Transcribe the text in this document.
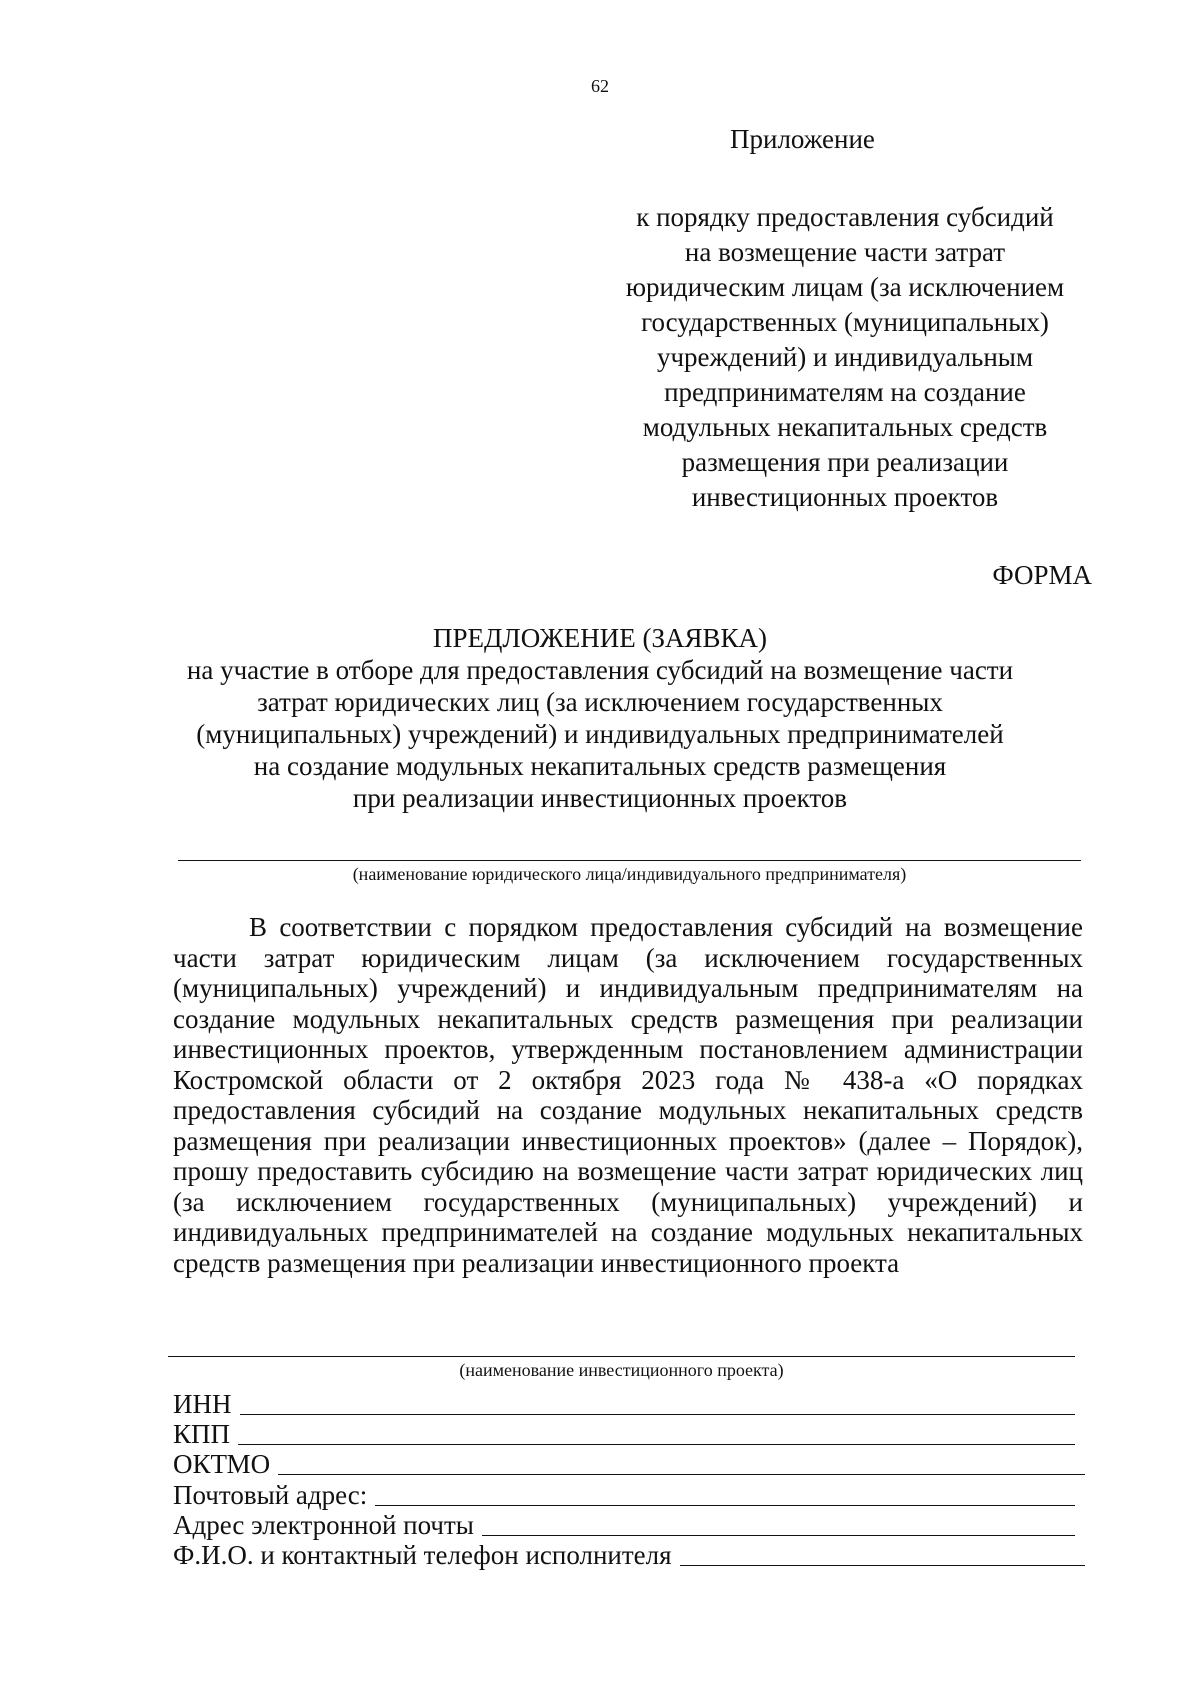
62
Приложение
к порядку предоставления субсидий
на возмещение части затрат
юридическим лицам (за исключением
государственных (муниципальных)
учреждений) и индивидуальным
предпринимателям на создание
модульных некапитальных средств
размещения при реализации
инвестиционных проектов
ФОРМА
ПРЕДЛОЖЕНИЕ (ЗАЯВКА)
на участие в отборе для предоставления субсидий на возмещение части
затрат юридических лиц (за исключением государственных
(муниципальных) учреждений) и индивидуальных предпринимателей
на создание модульных некапитальных средств размещения
при реализации инвестиционных проектов
(наименование юридического лица/индивидуального предпринимателя)
В соответствии с порядком предоставления субсидий на возмещение части затрат юридическим лицам (за исключением государственных (муниципальных) учреждений) и индивидуальным предпринимателям на создание модульных некапитальных средств размещения при реализации инвестиционных проектов, утвержденным постановлением администрации Костромской области от 2 октября 2023 года № 438-а «О порядках предоставления субсидий на создание модульных некапитальных средств размещения при реализации инвестиционных проектов» (далее – Порядок), прошу предоставить субсидию на возмещение части затрат юридических лиц (за исключением государственных (муниципальных) учреждений) и индивидуальных предпринимателей на создание модульных некапитальных средств размещения при реализации инвестиционного проекта
(наименование инвестиционного проекта)
ИНН
КПП
ОКТМО
Почтовый адрес:
Адрес электронной почты
Ф.И.О. и контактный телефон исполнителя
